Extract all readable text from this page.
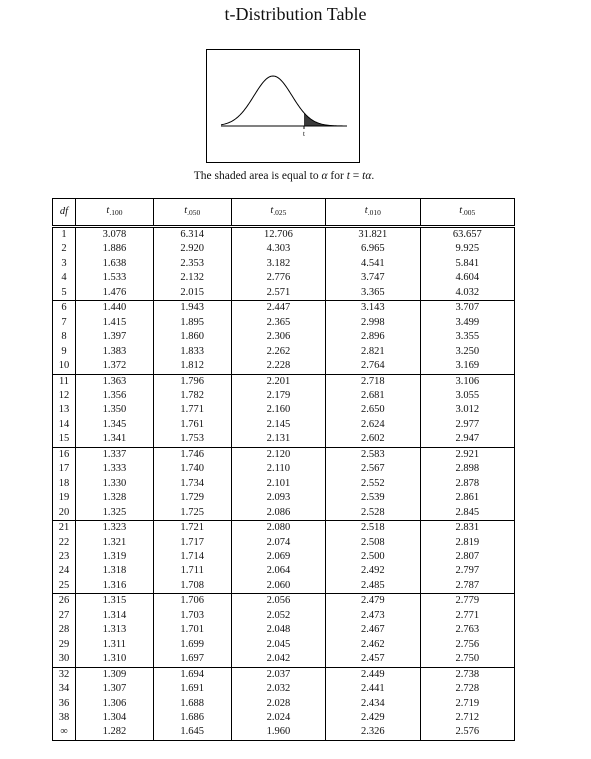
t-Distribution Table
t
The shaded area is equal to α for t = tα.
df	$t_{.100}$	$t_{.050}$	$t_{.025}$	$t_{.010}$	$t_{.005}$
1	3.078	6.314	12.706	31.821	63.657
2	1.886	2.920	4.303	6.965	9.925
3	1.638	2.353	3.182	4.541	5.841
4	1.533	2.132	2.776	3.747	4.604
5	1.476	2.015	2.571	3.365	4.032
6	1.440	1.943	2.447	3.143	3.707
7	1.415	1.895	2.365	2.998	3.499
8	1.397	1.860	2.306	2.896	3.355
9	1.383	1.833	2.262	2.821	3.250
10	1.372	1.812	2.228	2.764	3.169
11	1.363	1.796	2.201	2.718	3.106
12	1.356	1.782	2.179	2.681	3.055
13	1.350	1.771	2.160	2.650	3.012
14	1.345	1.761	2.145	2.624	2.977
15	1.341	1.753	2.131	2.602	2.947
16	1.337	1.746	2.120	2.583	2.921
17	1.333	1.740	2.110	2.567	2.898
18	1.330	1.734	2.101	2.552	2.878
19	1.328	1.729	2.093	2.539	2.861
20	1.325	1.725	2.086	2.528	2.845
21	1.323	1.721	2.080	2.518	2.831
22	1.321	1.717	2.074	2.508	2.819
23	1.319	1.714	2.069	2.500	2.807
24	1.318	1.711	2.064	2.492	2.797
25	1.316	1.708	2.060	2.485	2.787
26	1.315	1.706	2.056	2.479	2.779
27	1.314	1.703	2.052	2.473	2.771
28	1.313	1.701	2.048	2.467	2.763
29	1.311	1.699	2.045	2.462	2.756
30	1.310	1.697	2.042	2.457	2.750
32	1.309	1.694	2.037	2.449	2.738
34	1.307	1.691	2.032	2.441	2.728
36	1.306	1.688	2.028	2.434	2.719
38	1.304	1.686	2.024	2.429	2.712
∞	1.282	1.645	1.960	2.326	2.576
